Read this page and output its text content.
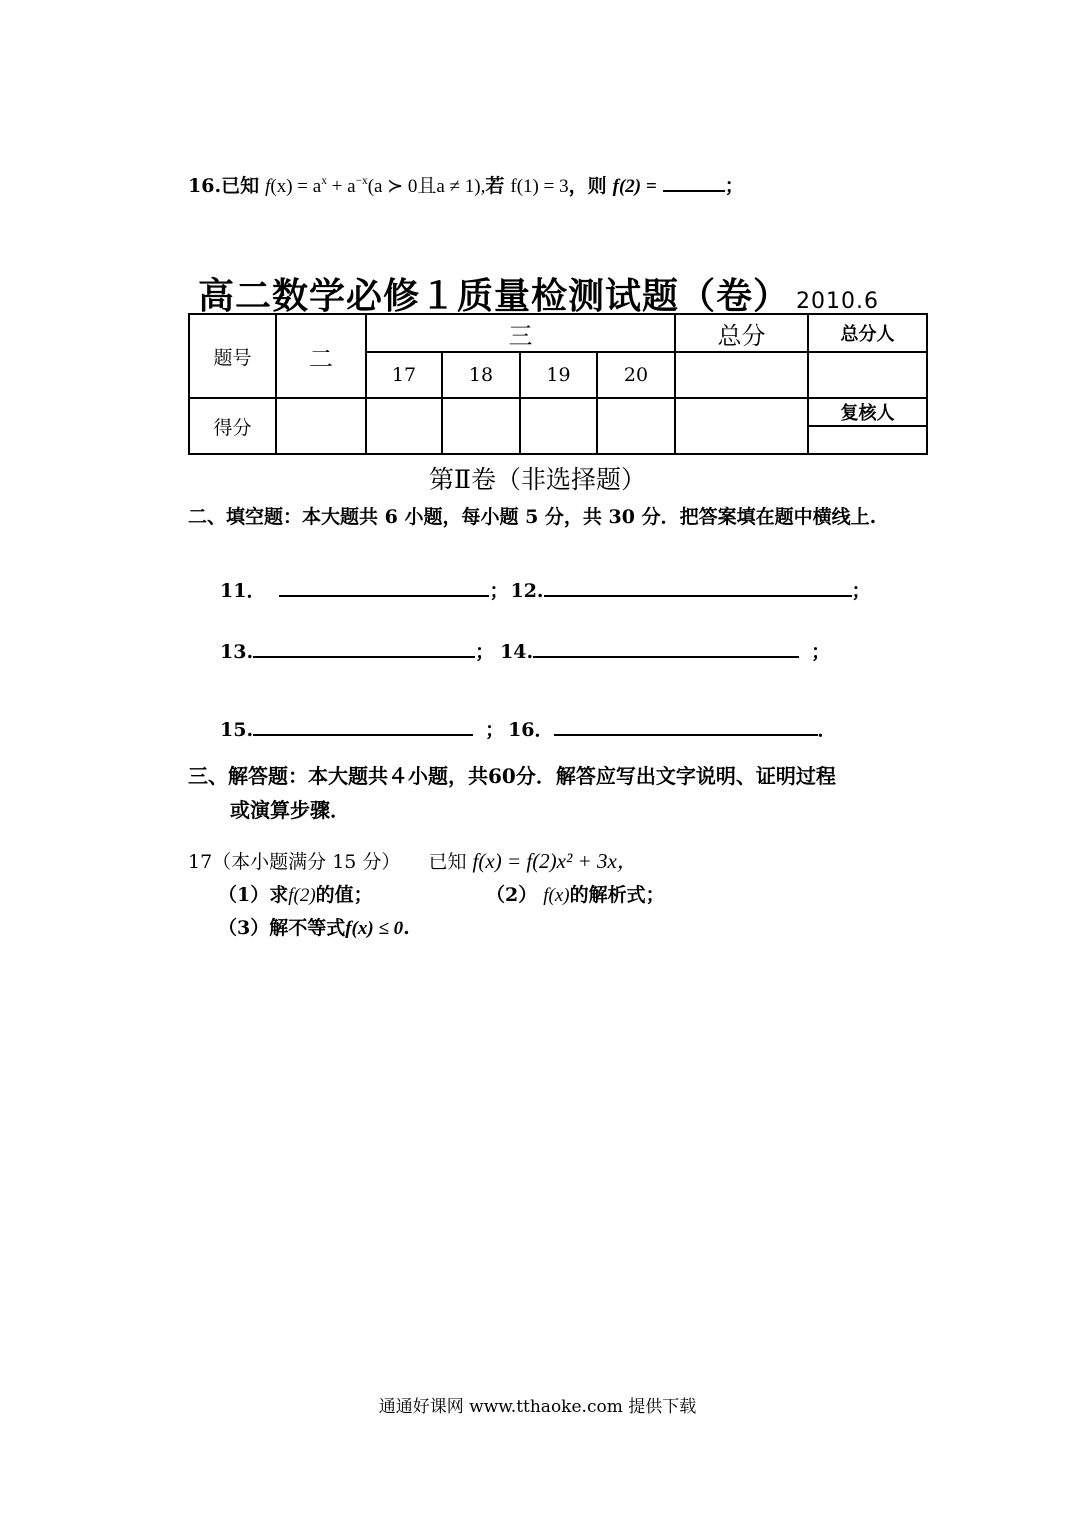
16.已知 $f(x) = a^x + a^{-x}(a$ ≻ 0且a ≠ 1),若 f(1) = 3，则 f(2) =	；
高二数学必修１质量检测试题（卷） 2010.6
题号	二	三				总分	总分人
		17	18	19	20		
得分							复核人

第Ⅱ卷（非选择题）
二、填空题：本大题共 6 小题，每小题 5 分，共 30 分．把答案填在题中横线上.
11．	； 12.	；
13.	； 14.	；
15.	； 16．	．
三、解答题：本大题共４小题，共60分．解答应写出文字说明、证明过程
或演算步骤．
17（本小题满分 15 分） 已知 f(x) = f(2)x² + 3x，
（1）求f(2)的值；	（2） f(x)的解析式；
（3）解不等式f(x) ≤ 0.
通通好课网 www.tthaoke.com 提供下载
